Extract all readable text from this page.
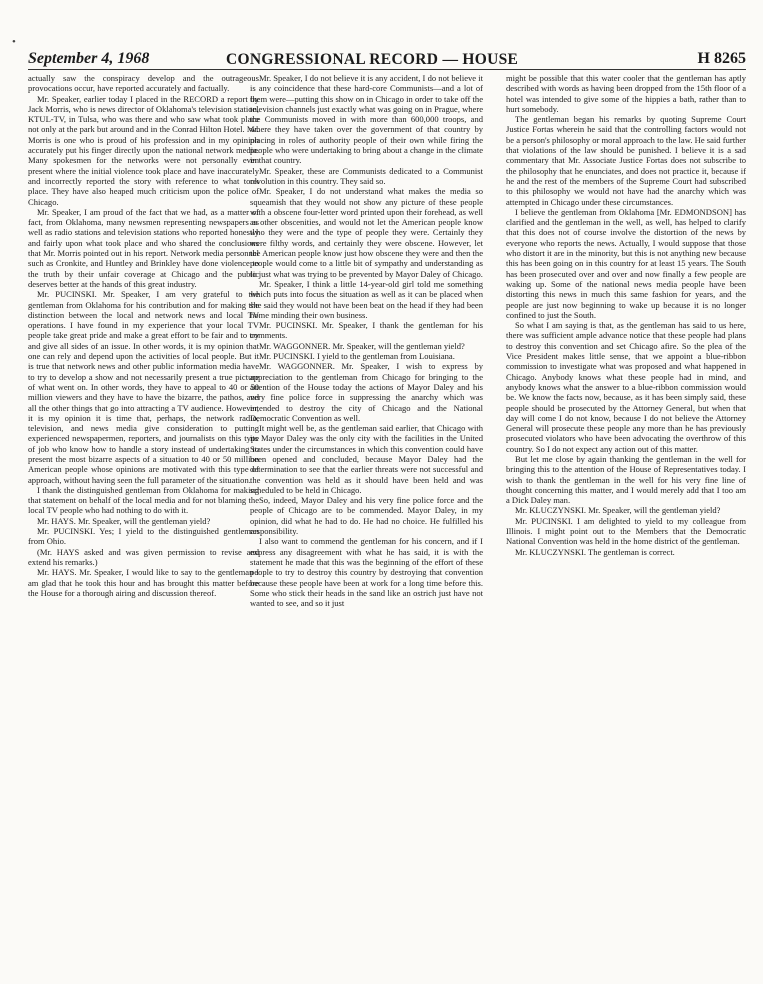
September 4, 1968	CONGRESSIONAL RECORD — HOUSE	H 8265

actually saw the conspiracy develop and the outrageous provocations occur, have reported accurately and factually.

Mr. Speaker, earlier today I placed in the RECORD a report by Jack Morris, who is news director of Oklahoma's television station, KTUL-TV, in Tulsa, who was there and who saw what took place not only at the park but around and in the Conrad Hilton Hotel. Mr. Morris is one who is proud of his profession and in my opinion accurately put his finger directly upon the national network media. Many spokesmen for the networks were not personally even present where the initial violence took place and have inaccurately and incorrectly reported the story with reference to what took place. They have also heaped much criticism upon the police of Chicago.

Mr. Speaker, I am proud of the fact that we had, as a matter of fact, from Oklahoma, many newsmen representing newspapers as well as radio stations and television stations who reported honestly and fairly upon what took place and who shared the conclusions that Mr. Morris pointed out in his report. Network media personnel such as Cronkite, and Huntley and Brinkley have done violence to the truth by their unfair coverage at Chicago and the public deserves better at the hands of this great industry.

Mr. PUCINSKI. Mr. Speaker, I am very grateful to the gentleman from Oklahoma for his contribution and for making the distinction between the local and network news and local TV operations. I have found in my experience that your local TV people take great pride and make a great effort to be fair and to try and give all sides of an issue. In other words, it is my opinion that one can rely and depend upon the activities of local people. But it is true that network news and other public information media have to try to develop a show and not necessarily present a true picture of what went on. In other words, they have to appeal to 40 or 50 million viewers and they have to have the bizarre, the pathos, and all the other things that go into attracting a TV audience. However, it is my opinion it is time that, perhaps, the network radio, television, and news media give consideration to putting experienced newspapermen, reporters, and journalists on this type of job who know how to handle a story instead of undertaking to present the most bizarre aspects of a situation to 40 or 50 million American people whose opinions are motivated with this type of approach, without having seen the full parameter of the situation.

I thank the distinguished gentleman from Oklahoma for making that statement on behalf of the local media and for not blaming the local TV people who had nothing to do with it.

Mr. HAYS. Mr. Speaker, will the gentleman yield?

Mr. PUCINSKI. Yes; I yield to the distinguished gentleman from Ohio.

(Mr. HAYS asked and was given permission to revise and extend his remarks.)

Mr. HAYS. Mr. Speaker, I would like to say to the gentleman I am glad that he took this hour and has brought this matter before the House for a thorough airing and discussion thereof.

Mr. Speaker, I do not believe it is any accident, I do not believe it is any coincidence that these hard-core Communists—and a lot of them were—putting this show on in Chicago in order to take off the television channels just exactly what was going on in Prague, where the Communists moved in with more than 600,000 troops, and where they have taken over the government of that country by placing in roles of authority people of their own while firing the people who were undertaking to bring about a change in the climate in that country.

Mr. Speaker, these are Communists dedicated to a Communist revolution in this country. They said so.

Mr. Speaker, I do not understand what makes the media so squeamish that they would not show any picture of these people with a obscene four-letter word printed upon their forehead, as well as other obscenities, and would not let the American people know who they were and the type of people they were. Certainly they were filthy words, and certainly they were obscene. However, let the American people know just how obscene they were and then the people would come to a little bit of sympathy and understanding as to just what was trying to be prevented by Mayor Daley of Chicago.

Mr. Speaker, I think a little 14-year-old girl told me something which puts into focus the situation as well as it can be placed when she said they would not have been beat on the head if they had been home minding their own business.

Mr. PUCINSKI. Mr. Speaker, I thank the gentleman for his comments.

Mr. WAGGONNER. Mr. Speaker, will the gentleman yield?

Mr. PUCINSKI. I yield to the gentleman from Louisiana.

Mr. WAGGONNER. Mr. Speaker, I wish to express by appreciation to the gentleman from Chicago for bringing to the attention of the House today the actions of Mayor Daley and his very fine police force in suppressing the anarchy which was intended to destroy the city of Chicago and the National Democratic Convention as well.

It might well be, as the gentleman said earlier, that Chicago with its Mayor Daley was the only city with the facilities in the United States under the circumstances in which this convention could have been opened and concluded, because Mayor Daley had the determination to see that the earlier threats were not successful and the convention was held as it should have been held and was scheduled to be held in Chicago.

So, indeed, Mayor Daley and his very fine police force and the people of Chicago are to be commended. Mayor Daley, in my opinion, did what he had to do. He had no choice. He fulfilled his responsibility.

I also want to commend the gentleman for his concern, and if I express any disagreement with what he has said, it is with the statement he made that this was the beginning of the effort of these people to try to destroy this country by destroying that convention because these people have been at work for a long time before this. Some who stick their heads in the sand like an ostrich just have not wanted to see, and so it just

might be possible that this water cooler that the gentleman has aptly described with words as having been dropped from the 15th floor of a hotel was intended to give some of the hippies a bath, rather than to hurt somebody.

The gentleman began his remarks by quoting Supreme Court Justice Fortas wherein he said that the controlling factors would not be a person's philosophy or moral approach to the law. He said further that violations of the law should be punished. I believe it is a sad commentary that Mr. Associate Justice Fortas does not subscribe to the philosophy that he enunciates, and does not practice it, because if he and the rest of the members of the Supreme Court had subscribed to this philosophy we would not have had the anarchy which was attempted in Chicago under these circumstances.

I believe the gentleman from Oklahoma [Mr. EDMONDSON] has clarified and the gentleman in the well, as well, has helped to clarify that this does not of course involve the distortion of the news by everyone who reports the news. Actually, I would suppose that those who distort it are in the minority, but this is not anything new because this has been going on in this country for at least 15 years. The South has been prosecuted over and over and now finally a few people are waking up. Some of the national news media people have been distorting this news in much this same fashion for years, and the people are just now beginning to wake up because it is no longer confined to just the South.

So what I am saying is that, as the gentleman has said to us here, there was sufficient ample advance notice that these people had plans to destroy this convention and set Chicago afire. So the plea of the Vice President makes little sense, that we appoint a blue-ribbon commission to investigate what was proposed and what happened in Chicago. Anybody knows what these people had in mind, and anybody knows what the answer to a blue-ribbon commission would be. We know the facts now, because, as it has been simply said, these people should be prosecuted by the Attorney General, but when that day will come I do not know, because I do not believe the Attorney General will prosecute these people any more than he has previously prosecuted violators who have been advocating the overthrow of this country. So I do not expect any action out of this matter.

But let me close by again thanking the gentleman in the well for bringing this to the attention of the House of Representatives today. I wish to thank the gentleman in the well for his very fine line of thought concerning this matter, and I would merely add that I too am a Dick Daley man.

Mr. KLUCZYNSKI. Mr. Speaker, will the gentleman yield?

Mr. PUCINSKI. I am delighted to yield to my colleague from Illinois. I might point out to the Members that the Democratic National Convention was held in the home district of the gentleman.

Mr. KLUCZYNSKI. The gentleman is correct.

•
